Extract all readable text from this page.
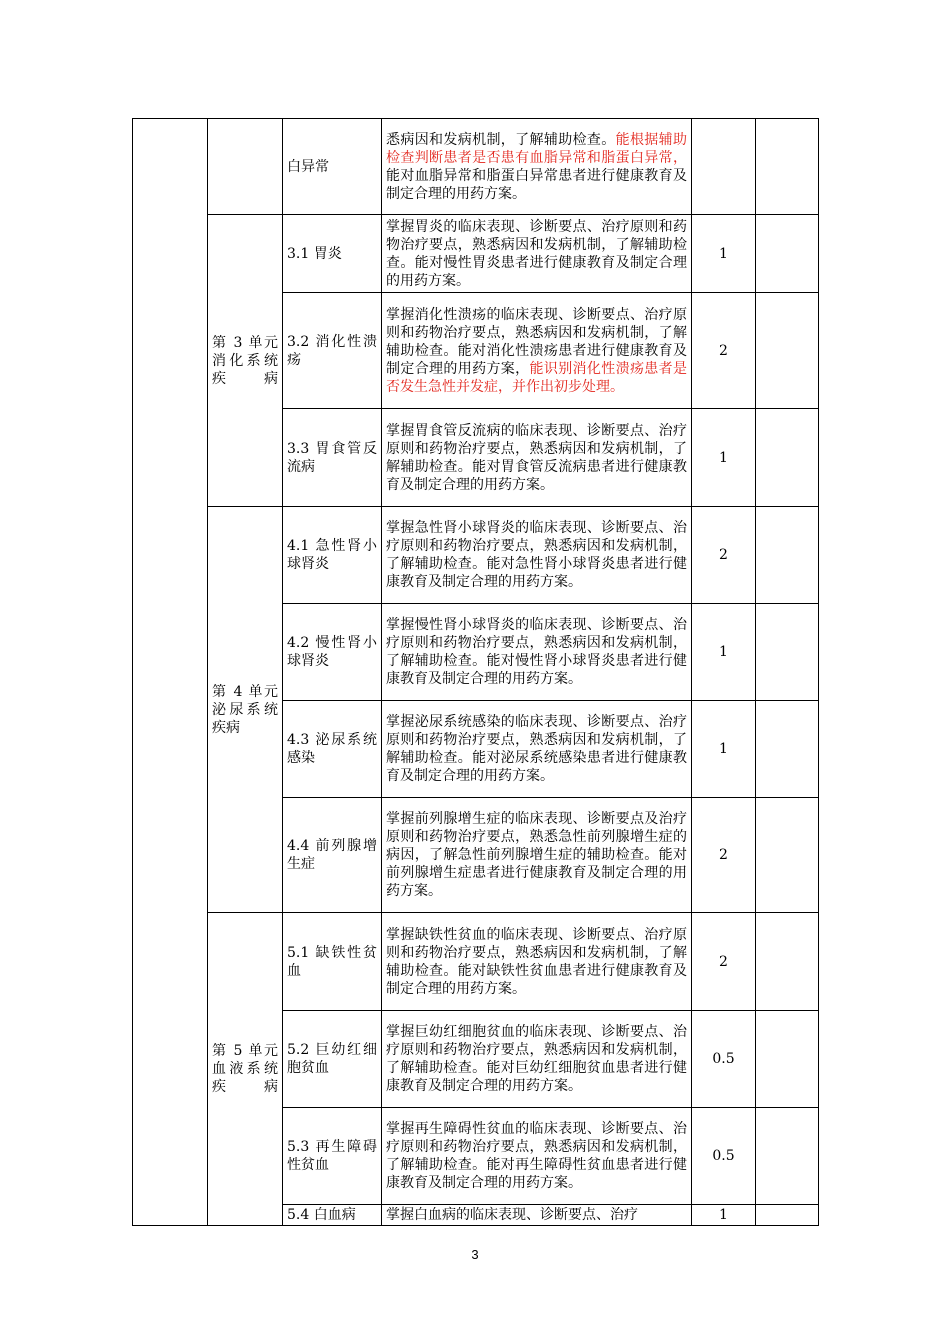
		白异常	悉病因和发病机制，了解辅助检查。能根据辅助检查判断患者是否患有血脂异常和脂蛋白异常，能对血脂异常和脂蛋白异常患者进行健康教育及制定合理的用药方案。		
	第 3 单元消化系统疾病	3.1 胃炎	掌握胃炎的临床表现、诊断要点、治疗原则和药物治疗要点，熟悉病因和发病机制，了解辅助检查。能对慢性胃炎患者进行健康教育及制定合理的用药方案。	1	
		3.2 消化性溃疡	掌握消化性溃疡的临床表现、诊断要点、治疗原则和药物治疗要点，熟悉病因和发病机制，了解辅助检查。能对消化性溃疡患者进行健康教育及制定合理的用药方案，能识别消化性溃疡患者是否发生急性并发症，并作出初步处理。	2	
		3.3 胃食管反流病	掌握胃食管反流病的临床表现、诊断要点、治疗原则和药物治疗要点，熟悉病因和发病机制，了解辅助检查。能对胃食管反流病患者进行健康教育及制定合理的用药方案。	1	
	第 4 单元泌尿系统疾病	4.1 急性肾小球肾炎	掌握急性肾小球肾炎的临床表现、诊断要点、治疗原则和药物治疗要点，熟悉病因和发病机制，了解辅助检查。能对急性肾小球肾炎患者进行健康教育及制定合理的用药方案。	2	
		4.2 慢性肾小球肾炎	掌握慢性肾小球肾炎的临床表现、诊断要点、治疗原则和药物治疗要点，熟悉病因和发病机制，了解辅助检查。能对慢性肾小球肾炎患者进行健康教育及制定合理的用药方案。	1	
		4.3 泌尿系统感染	掌握泌尿系统感染的临床表现、诊断要点、治疗原则和药物治疗要点，熟悉病因和发病机制，了解辅助检查。能对泌尿系统感染患者进行健康教育及制定合理的用药方案。	1	
		4.4 前列腺增生症	掌握前列腺增生症的临床表现、诊断要点及治疗原则和药物治疗要点，熟悉急性前列腺增生症的病因，了解急性前列腺增生症的辅助检查。能对前列腺增生症患者进行健康教育及制定合理的用药方案。	2	
	第 5 单元血液系统疾病	5.1 缺铁性贫血	掌握缺铁性贫血的临床表现、诊断要点、治疗原则和药物治疗要点，熟悉病因和发病机制，了解辅助检查。能对缺铁性贫血患者进行健康教育及制定合理的用药方案。	2	
		5.2 巨幼红细胞贫血	掌握巨幼红细胞贫血的临床表现、诊断要点、治疗原则和药物治疗要点，熟悉病因和发病机制，了解辅助检查。能对巨幼红细胞贫血患者进行健康教育及制定合理的用药方案。	0.5	
		5.3 再生障碍性贫血	掌握再生障碍性贫血的临床表现、诊断要点、治疗原则和药物治疗要点，熟悉病因和发病机制，了解辅助检查。能对再生障碍性贫血患者进行健康教育及制定合理的用药方案。	0.5	
		5.4 白血病	掌握白血病的临床表现、诊断要点、治疗	1	
3
